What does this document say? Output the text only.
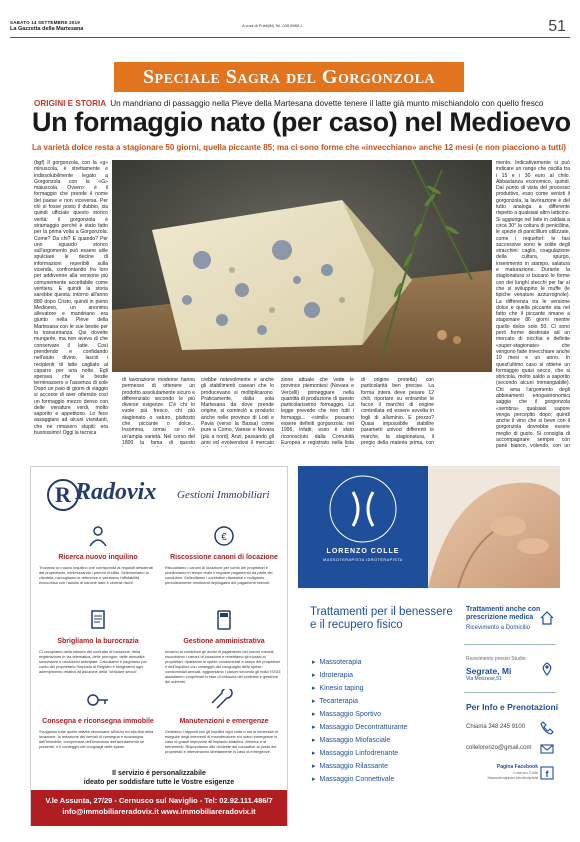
SABATO 14 SETTEMBRE 2019
La Gazzetta della Martesana
A cura di Publi(iN) Tel. 039.9989.1	51
Speciale Sagra del Gorgonzola
ORIGINI E STORIA Un mandriano di passaggio nella Pieve della Martesana dovette tenere il latte già munto mischiandolo con quello fresco
Un formaggio nato (per caso) nel Medioevo
La varietà dolce resta a stagionare 50 giorni, quella piccante 85; ma ci sono forme che «invecchiano» anche 12 mesi (e non piacciono a tutti)
(bgf) Il gorgonzola, con la «g» minuscola, è strettamente e indissolubilmente legato a Gorgonzola con la «G» maiuscola. Ovvero: è il formaggio che prende il nome del paese e non viceversa. Per chi si fosse posto il dubbio, sia quindi ufficiale questo storico verità: il gorgonzola è stramaggio perché è stato fatto per la prima volta a Gorgonzola. Come? Da chi? E quando? Per uno sguardo storico sull'argomento può essere utile spulciare le decine di informazioni reperibili sulla vicenda, confrontando fra loro per addivenire alla versione più comunemente accettabile come veritiera. E quindi la storia sarebbe questa: intorno all'anno 880 dopo Cristo, quindi in pieno Medioevo, un anonimo allevatore e mandriano era giunto nella Pieve della Martesana con le sue bestie per la transumanza. Qui dovette mungerle, ma non aveva di che conservare il latte. Così prendendo e confidando nell'aiuto divino, lasciò i recipienti di latte cagliato al caparro per una notte. Egli sperava che le bestie terminassero e l'assenza di sole
Dopo un paio di giorni di viaggio si accorse di aver ottenuto così un formaggio mezzo denso con delle venature verdi, molto saporito e appetitoso. Lo fece assaggiare ad alcuni viandanti, che ne rimasero stupiti: era buonissimo! Oggi la tecnica
di lavorazione moderne hanno permesso di ottenere un prodotto assolutamente sicuro e differenziato secondo le più diverse esigenze. C'è chi lo vuole più fresco, chi più stagionato o saturo, piuttosto che piccante o dolce... Insomma, ormai ce n'è un'ampia varietà. Nel corso del 1800 la fama di questo
crebbe notevolmente e anche gli stabilimenti caseari che lo producevano si moltiplicarono. Praticamente, dalla sola Martesana da dove prende origine, si cominciò a produrlo anche nelle province di Lodi e Pavia (verso la Bassa) come pure a Como, Varese e Novara (più a nord). Anzi, passando gli anni ed evolvendosi il mercato
zione attuale che vede le province piemontesi (Novara e Vercelli) primeggiare nella quantità di produzione di questo particolarissimo formaggio. La legge prevede che non tutti i formaggi... «simili» possano essere definiti gorgonzola: nel 1996, infatti, esso è stato riconosciuto dalla Comunità Europea e registrato nella lista
di origine protetta) con particolarità ben precise. La forma intera deve pesare 12 chili, riportare su entrambe le facce il marchio di origine controllata ed essere avvolta in fogli di alluminio. E prezzo? Quasi impossibile stabilire parametri univoci differenti le marche, la stagionatura, il pregio della materia prima, con
mento. Indicativamente si può indicare un range che oscilla tra i 15 e i 30 euro al chilo. Abbastanza economico, quindi. Dal punto di vista del processo produttivo, esso come venisti il gorgonzola, la lavorazione è del tutto analoga a differente rispetto a qualsiasi altro latticino. Si aggiunge nel latte in caldaia a circa 30° la coltura di penicillina, le spezie di panicillium utilizzate, come i requefort: le fasi successive sono le solite degli stracchini: caglio, coagulazione della cultura, spurgo, inserimento in stampo, salatura e maturazione. Durante la stagionatura si bucano le forme con dei lunghi stecchi per far sì che si sviluppino le muffe (le tipiche venature azzurrognole). La differenza tra le versione dolce e quella piccante sta nel fatto che il piccante rimane a stagionare 86 giorni mentre quello dolce solo 50. Ci sono però forme destinate ad un mercato di nicchia e definite «super-stagionate» che vengono fatte invecchiare anche 10 mesi e un anno. In quest'ultimo caso si ottiene un formaggio quasi secco, che si sbriciola, molto saldo a saporito (secondo alcuni immangiabile). Chi ama l'argomento degli abbinamenti enogastronomici saggia che il gorgonzola «sembra» qualsiasi sapore venga percepito dopo; quindi anche il vino che si beve con il gorgonzola dovrebbe essere meglio di gusto. Si consiglia di accompagnare sempre con pane bianco, volendo, con un
R Radovix Gestioni Immobiliari
Ricerca nuovo inquilino

Troviamo un nuovo inquilino che corrisponda ai requisiti desiderati dal proprietario, minimizzando i periodi di sfitto. Selezioniamo la clientela, raccogliamo le referenze e valutiamo l'affidabilità economica con l'ausilio di banche date e centrali rischi.

€
Riscossione canoni di locazione

Riscuotiamo i canoni di locazione per conto dei proprietari e monitoriamo in tempo reale il regolare pagamento da parte dei conduttori. Sollecitiamo i conduttori ritardatari e redigiamo periodicamente rendiconti riepilogativi dei pagamenti ricevuti.

Sbrigliamo la burocrazia

Ci occupiamo della stesura del contratto di locazione, della registrazione in via telematica, delle proroghe, delle annualità successive e risoluzioni anticipate. Calcoliamo e paghiamo per conto del proprietario l'imposta di Registro e sbrighiamo ogni adempimento relativo all'adozione della "cedolare secca".

Gestione amministrativa

Inviamo ai conduttori gli avvisi di pagamento dei canoni mensili, riscuotiamo i canoni di locazione e rimettiamo gli incassi ai proprietari; ripartiamo le spese condominiali a carico dei proprietari e dell'inquilino con conteggio del conguaglio delle spese condominiali annuali, aggiorniamo i canoni secondo gli indici ISTAT; assistiamo i proprietari in fase di chiusura del contratto e gestione dei subentri.

Consegna e riconsegna immobile

Svolgiamo tutte quelle attività necessarie all'inizio ed alla fine della locazione, la redazione dei verbali di consegna e riconsegna dell'immobile, comprensivi dell'inventario dell'arredamento se presente, e il conteggio dei conguagli delle spese.

Manutenzioni e emergenze

Gestiamo i rapporti con gli inquilini ogni volta vi sia la necessità di eseguire degli interventi di manutenzione e/o siano emergenze in caso di guasti improvvisi all'impianto idraulico, elettrico e ai serramenti. Rispondiamo alle richieste dei conduttori al posto dei proprietari e interveniamo direttamente in caso di emergenze.

Il servizio è personalizzabile
ideato per soddisfare tutte le Vostre esigenze
V.le Assunta, 27/29 - Cernusco sul Naviglio - Tel: 02.92.111.486/7
info@immobiliareradovix.it www.immobiliareradovix.it
LORENZO COLLE
MASSOTERAPISTA IDROTERAPISTA
Trattamenti per il benessere e il recupero fisico
▸ Massoterapia
▸ Idroterapia
▸ Kinesio taping
▸ Tecarterapia
▸ Massaggio Sportivo
▸ Massaggio Decontratturante
▸ Massaggio Miofasciale
▸ Massaggio Linfodrenante
▸ Massaggio Rilassante
▸ Massaggio Connettivale
Trattamenti anche con prescrizione medica
Ricevimento a Domicilio
Ricevimento presso Studio
Segrate, Mi
Via Monzese,51
Per Info e Prenotazioni
Chiama 348 245 9100
collelorenzo@gmail.com
Pagina Facebook
Lorenzo Colle
Massoterapista Idroterapista f
